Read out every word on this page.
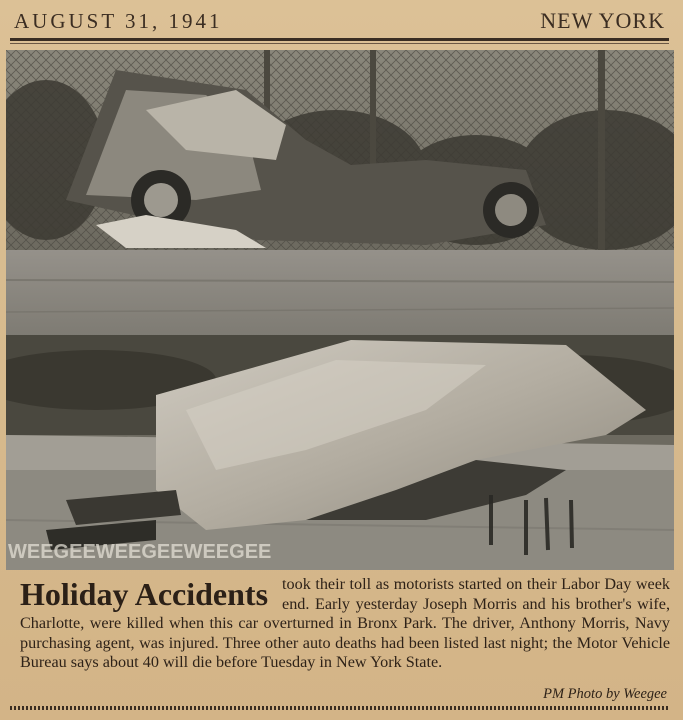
AUGUST 31, 1941	NEW YORK
WEEGEEWEEGEEWEEGEE
Holiday Accidents took their toll as motorists started on their Labor Day week end. Early yesterday Joseph Morris and his brother's wife, Charlotte, were killed when this car overturned in Bronx Park. The driver, Anthony Morris, Navy purchasing agent, was injured. Three other auto deaths had been listed last night; the Motor Vehicle Bureau says about 40 will die before Tuesday in New York State.

PM Photo by Weegee
